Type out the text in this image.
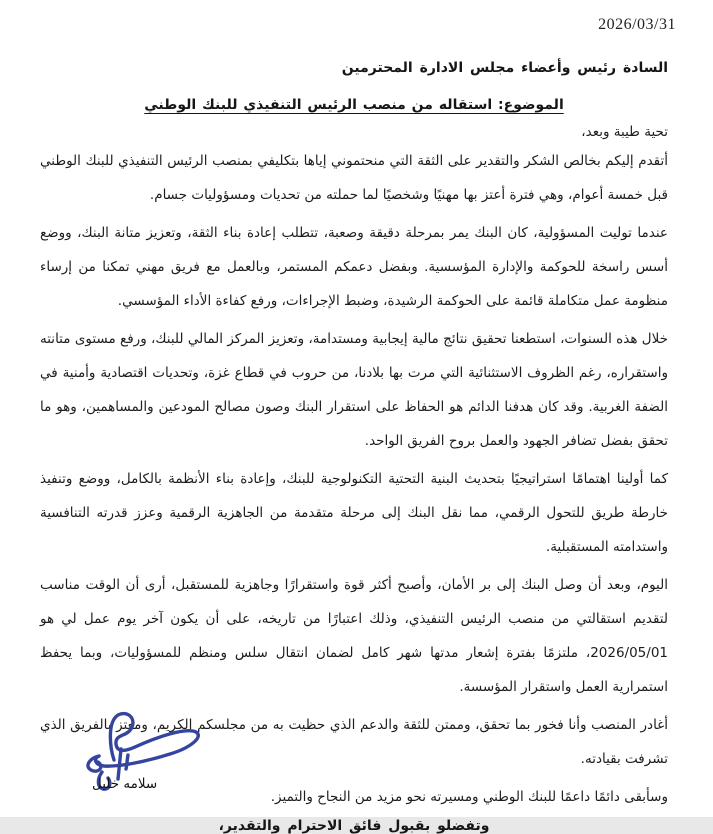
2026/03/31
السادة رئيس وأعضاء مجلس الادارة المحترمين
الموضوع: استقاله من منصب الرئيس التنفيذي للبنك الوطني
تحية طيبة وبعد،

أتقدم إليكم بخالص الشكر والتقدير على الثقة التي منحتموني إياها بتكليفي بمنصب الرئيس التنفيذي للبنك الوطني قبل خمسة أعوام، وهي فترة أعتز بها مهنيًا وشخصيًا لما حملته من تحديات ومسؤوليات جسام.

عندما توليت المسؤولية، كان البنك يمر بمرحلة دقيقة وصعبة، تتطلب إعادة بناء الثقة، وتعزيز متانة البنك، ووضع أسس راسخة للحوكمة والإدارة المؤسسية. وبفضل دعمكم المستمر، وبالعمل مع فريق مهني تمكنا من إرساء منظومة عمل متكاملة قائمة على الحوكمة الرشيدة، وضبط الإجراءات، ورفع كفاءة الأداء المؤسسي.

خلال هذه السنوات، استطعنا تحقيق نتائج مالية إيجابية ومستدامة، وتعزيز المركز المالي للبنك، ورفع مستوى متانته واستقراره، رغم الظروف الاستثنائية التي مرت بها بلادنا، من حروب في قطاع غزة، وتحديات اقتصادية وأمنية في الضفة الغربية. وقد كان هدفنا الدائم هو الحفاظ على استقرار البنك وصون مصالح المودعين والمساهمين، وهو ما تحقق بفضل تضافر الجهود والعمل بروح الفريق الواحد.

كما أولينا اهتمامًا استراتيجيًا بتحديث البنية التحتية التكنولوجية للبنك، وإعادة بناء الأنظمة بالكامل، ووضع وتنفيذ خارطة طريق للتحول الرقمي، مما نقل البنك إلى مرحلة متقدمة من الجاهزية الرقمية وعزز قدرته التنافسية واستدامته المستقبلية.

اليوم، وبعد أن وصل البنك إلى بر الأمان، وأصبح أكثر قوة واستقرارًا وجاهزية للمستقبل، أرى أن الوقت مناسب لتقديم استقالتي من منصب الرئيس التنفيذي، وذلك اعتبارًا من تاريخه، على أن يكون آخر يوم عمل لي هو 2026/05/01، ملتزمًا بفترة إشعار مدتها شهر كامل لضمان انتقال سلس ومنظم للمسؤوليات، وبما يحفظ استمرارية العمل واستقرار المؤسسة.

أغادر المنصب وأنا فخور بما تحقق، وممتن للثقة والدعم الذي حظيت به من مجلسكم الكريم، ومعتز بالفريق الذي تشرفت بقيادته.

وسأبقى دائمًا داعمًا للبنك الوطني ومسيرته نحو مزيد من النجاح والتميز.

وتفضلو بقبول فائق الاحترام والتقدير،
سلامه خليل
